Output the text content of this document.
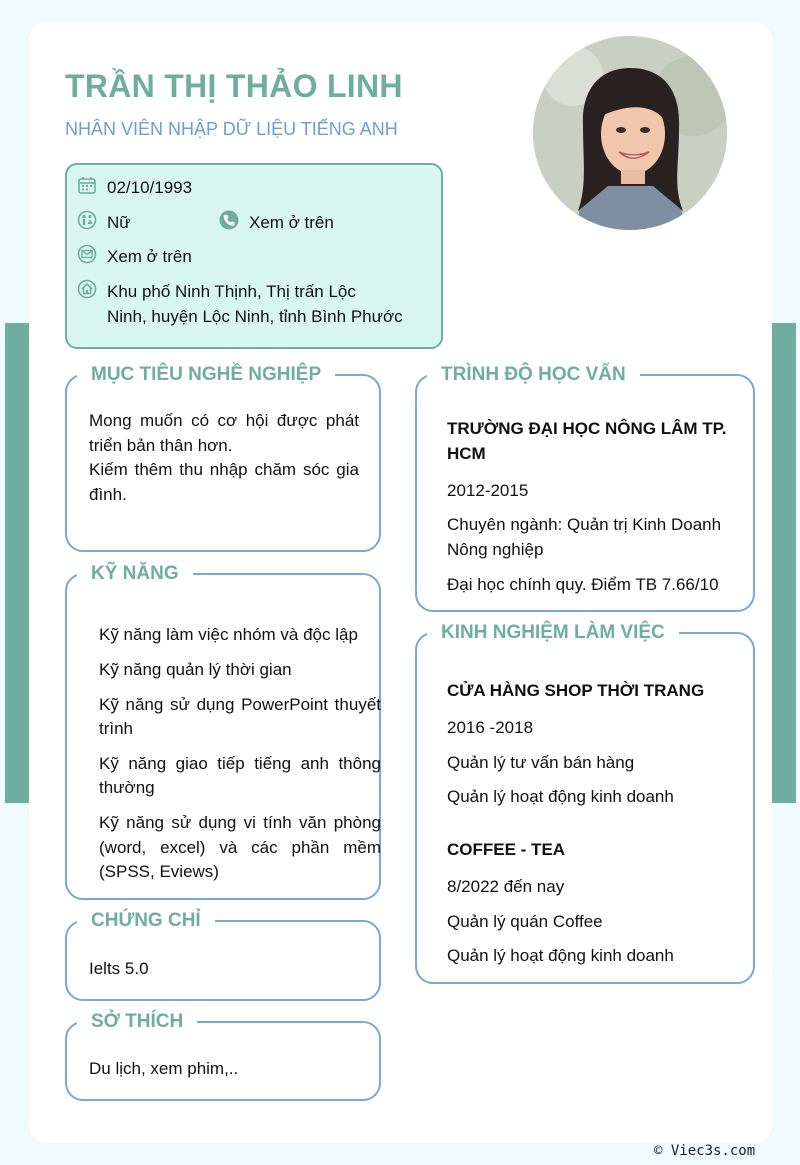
TRẦN THỊ THẢO LINH
NHÂN VIÊN NHẬP DỮ LIỆU TIẾNG ANH
02/10/1993
Nữ	Xem ở trên
Xem ở trên
Khu phố Ninh Thịnh, Thị trấn Lộc
Ninh, huyện Lộc Ninh, tỉnh Bình Phước
MỤC TIÊU NGHỀ NGHIỆP
Mong muốn có cơ hội được phát
triển bản thân hơn.
Kiếm thêm thu nhập chăm sóc gia
đình.
KỸ NĂNG
Kỹ năng làm việc nhóm và độc lập
Kỹ năng quản lý thời gian
Kỹ năng sử dụng PowerPoint thuyết
trình
Kỹ năng giao tiếp tiếng anh thông
thường
Kỹ năng sử dụng vi tính văn phòng
(word, excel) và các phần mềm
(SPSS, Eviews)
CHỨNG CHỈ
Ielts 5.0
SỞ THÍCH
Du lịch, xem phim,..
TRÌNH ĐỘ HỌC VẤN
TRƯỜNG ĐẠI HỌC NÔNG LÂM TP.
HCM
2012-2015
Chuyên ngành: Quản trị Kinh Doanh
Nông nghiệp
Đại học chính quy. Điểm TB 7.66/10
KINH NGHIỆM LÀM VIỆC
CỬA HÀNG SHOP THỜI TRANG
2016 -2018
Quản lý tư vấn bán hàng
Quản lý hoạt động kinh doanh
COFFEE - TEA
8/2022 đến nay
Quản lý quán Coffee
Quản lý hoạt động kinh doanh
© Viec3s.com
